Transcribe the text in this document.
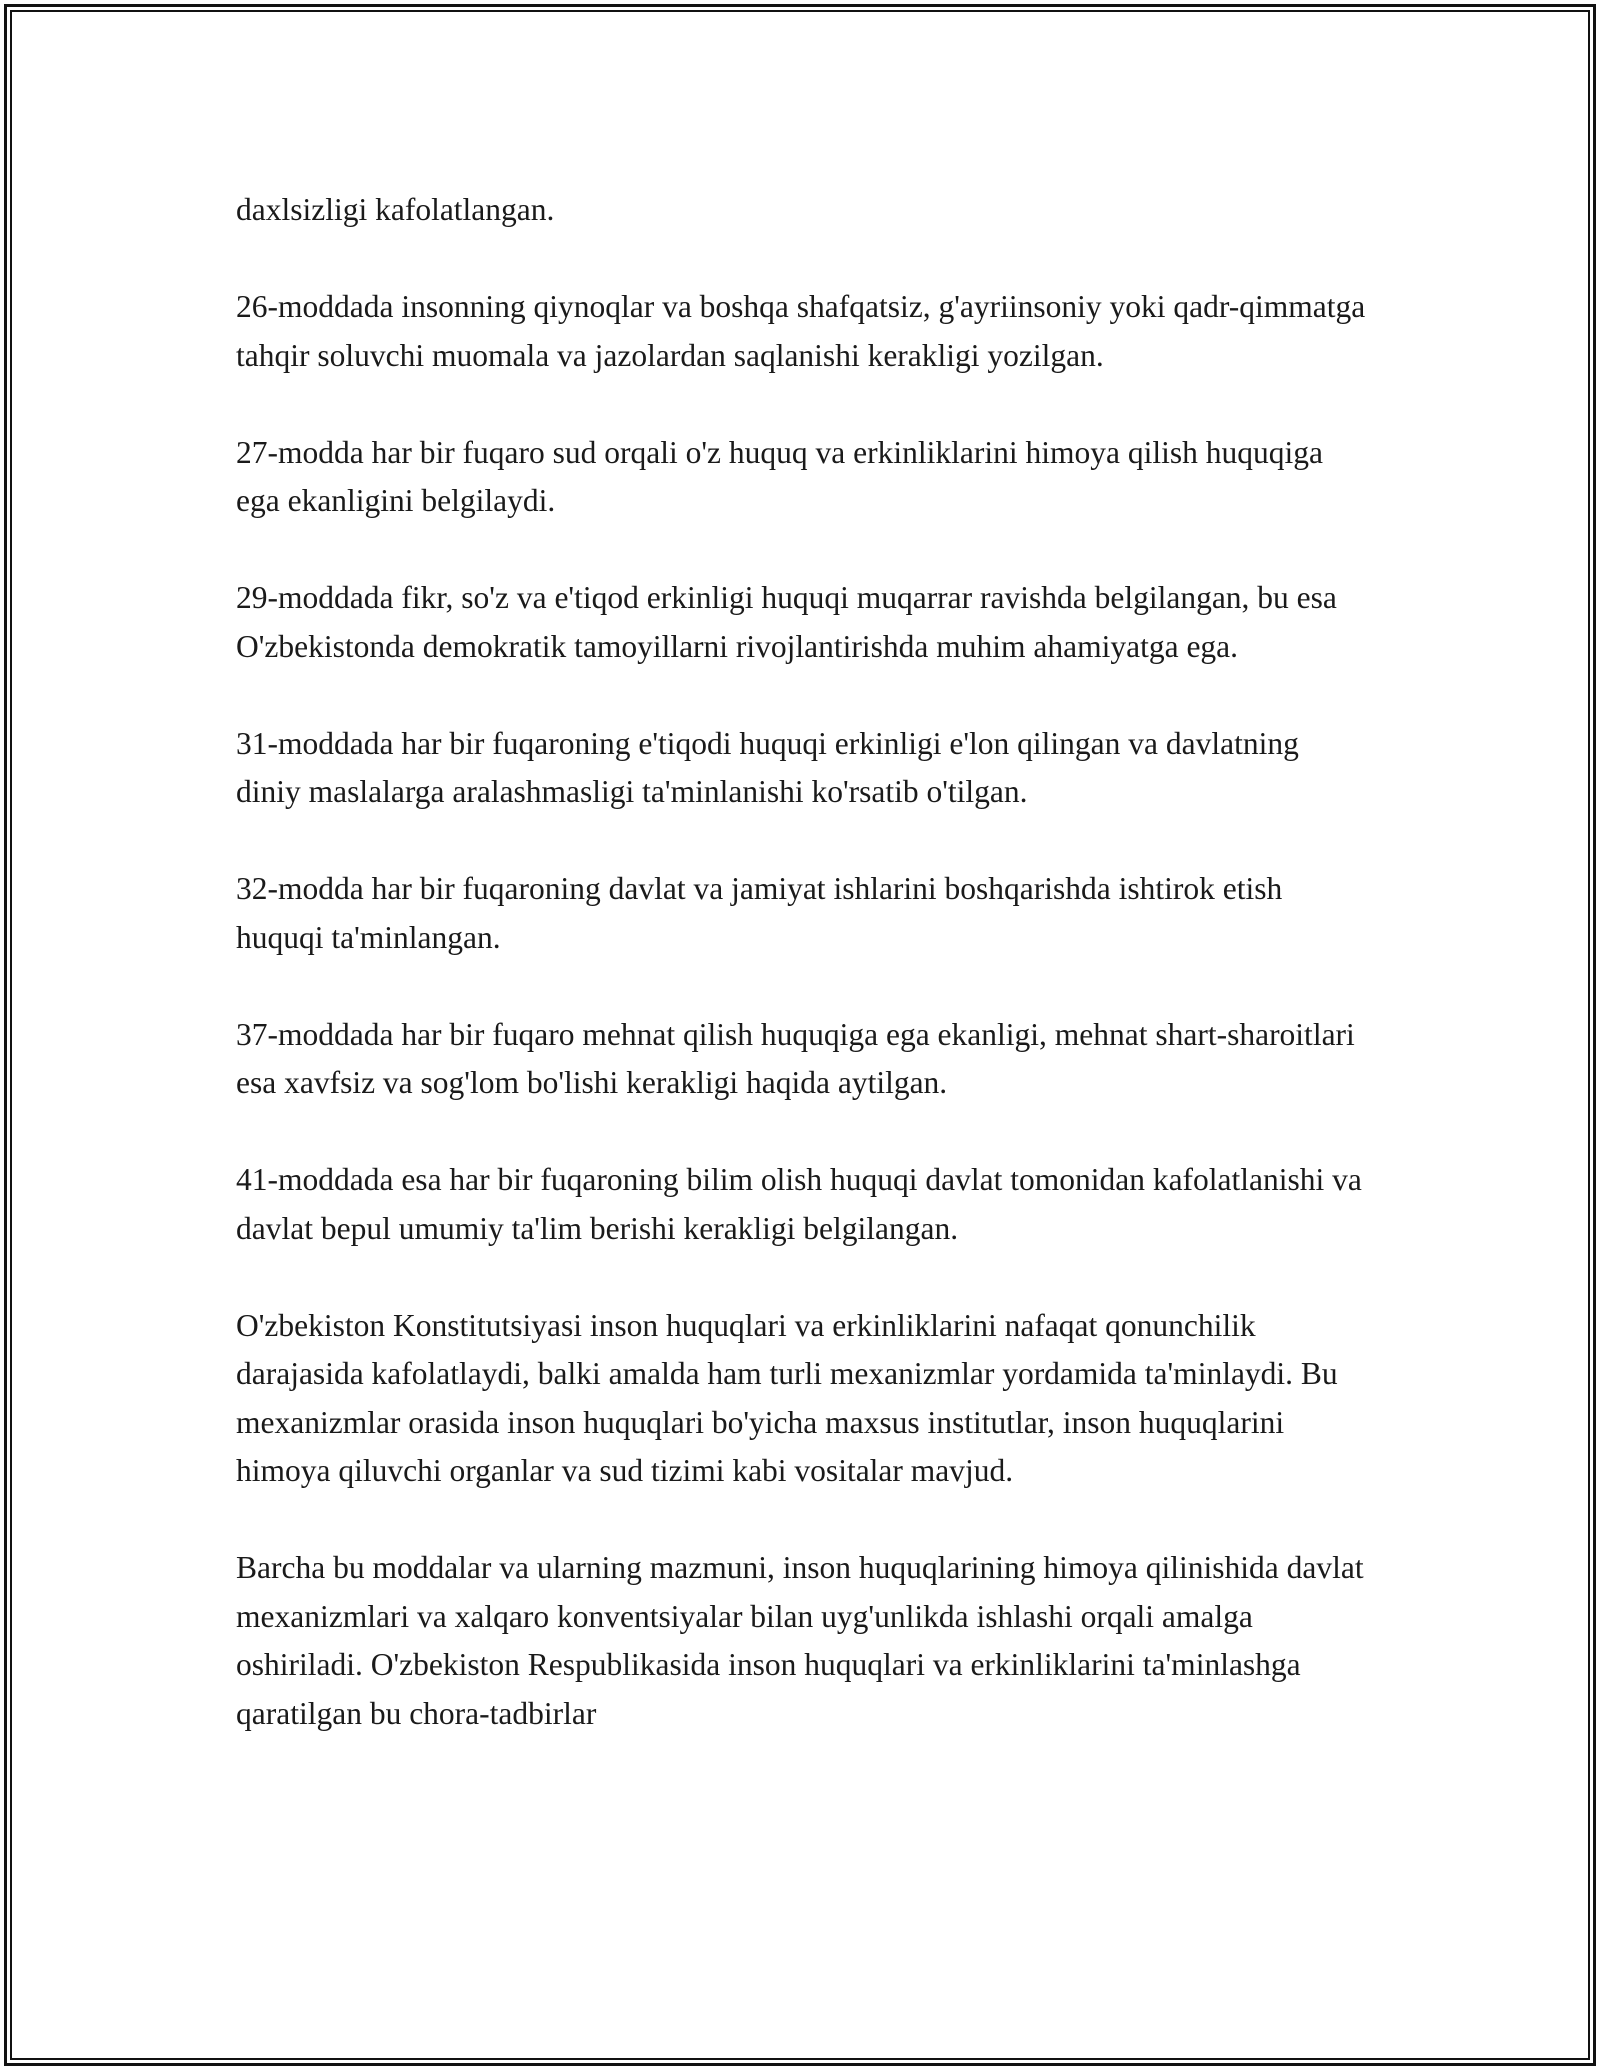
daxlsizligi kafolatlangan.

26-moddada insonning qiynoqlar va boshqa shafqatsiz, g'ayriinsoniy yoki qadr-qimmatga tahqir soluvchi muomala va jazolardan saqlanishi kerakligi yozilgan.

27-modda har bir fuqaro sud orqali o'z huquq va erkinliklarini himoya qilish huquqiga ega ekanligini belgilaydi.

29-moddada fikr, so'z va e'tiqod erkinligi huquqi muqarrar ravishda belgilangan, bu esa O'zbekistonda demokratik tamoyillarni rivojlantirishda muhim ahamiyatga ega.

31-moddada har bir fuqaroning e'tiqodi huquqi erkinligi e'lon qilingan va davlatning diniy maslalarga aralashmasligi ta'minlanishi ko'rsatib o'tilgan.

32-modda har bir fuqaroning davlat va jamiyat ishlarini boshqarishda ishtirok etish huquqi ta'minlangan.

37-moddada har bir fuqaro mehnat qilish huquqiga ega ekanligi, mehnat shart-sharoitlari esa xavfsiz va sog'lom bo'lishi kerakligi haqida aytilgan.

41-moddada esa har bir fuqaroning bilim olish huquqi davlat tomonidan kafolatlanishi va davlat bepul umumiy ta'lim berishi kerakligi belgilangan.

O'zbekiston Konstitutsiyasi inson huquqlari va erkinliklarini nafaqat qonunchilik darajasida kafolatlaydi, balki amalda ham turli mexanizmlar yordamida ta'minlaydi. Bu mexanizmlar orasida inson huquqlari bo'yicha maxsus institutlar, inson huquqlarini himoya qiluvchi organlar va sud tizimi kabi vositalar mavjud.

Barcha bu moddalar va ularning mazmuni, inson huquqlarining himoya qilinishida davlat mexanizmlari va xalqaro konventsiyalar bilan uyg'unlikda ishlashi orqali amalga oshiriladi. O'zbekiston Respublikasida inson huquqlari va erkinliklarini ta'minlashga qaratilgan bu chora-tadbirlar
